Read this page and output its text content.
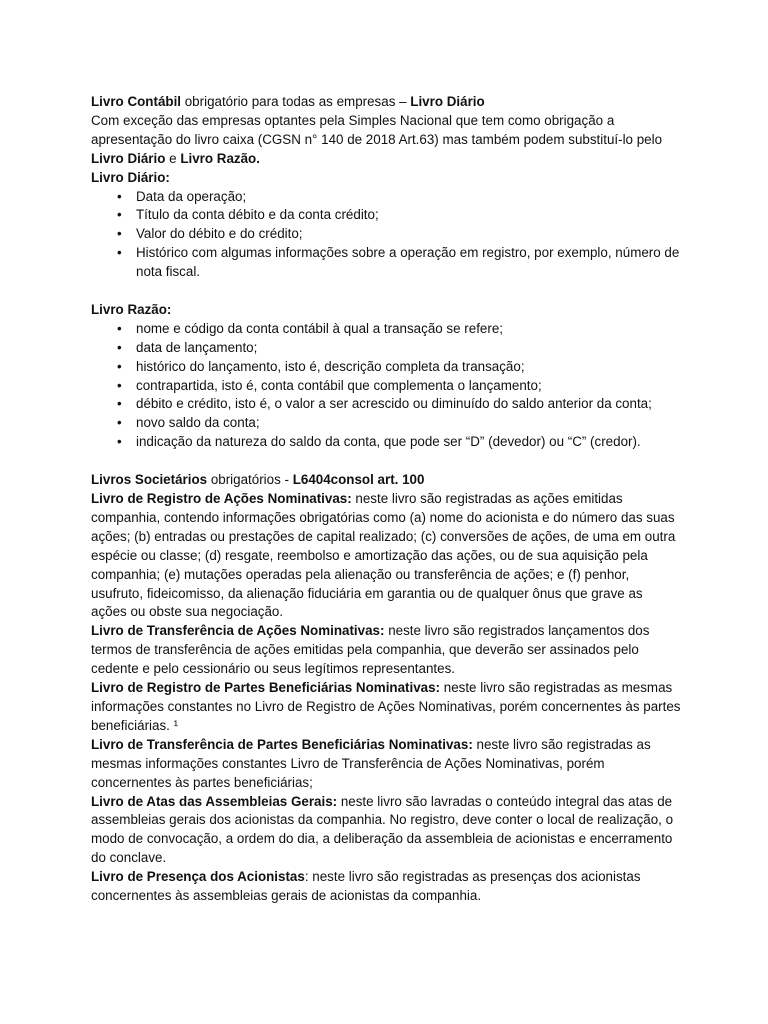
Livro Contábil obrigatório para todas as empresas – Livro Diário

Com exceção das empresas optantes pela Simples Nacional que tem como obrigação a apresentação do livro caixa (CGSN n° 140 de 2018 Art.63) mas também podem substituí-lo pelo Livro Diário e Livro Razão.

Livro Diário:

• Data da operação;
• Título da conta débito e da conta crédito;
• Valor do débito e do crédito;
• Histórico com algumas informações sobre a operação em registro, por exemplo, número de nota fiscal.

Livro Razão:

• nome e código da conta contábil à qual a transação se refere;
• data de lançamento;
• histórico do lançamento, isto é, descrição completa da transação;
• contrapartida, isto é, conta contábil que complementa o lançamento;
• débito e crédito, isto é, o valor a ser acrescido ou diminuído do saldo anterior da conta;
• novo saldo da conta;
• indicação da natureza do saldo da conta, que pode ser “D” (devedor) ou “C” (credor).

Livros Societários obrigatórios - L6404consol art. 100

Livro de Registro de Ações Nominativas: neste livro são registradas as ações emitidas companhia, contendo informações obrigatórias como (a) nome do acionista e do número das suas ações; (b) entradas ou prestações de capital realizado; (c) conversões de ações, de uma em outra espécie ou classe; (d) resgate, reembolso e amortização das ações, ou de sua aquisição pela companhia; (e) mutações operadas pela alienação ou transferência de ações; e (f) penhor, usufruto, fideicomisso, da alienação fiduciária em garantia ou de qualquer ônus que grave as ações ou obste sua negociação.

Livro de Transferência de Ações Nominativas: neste livro são registrados lançamentos dos termos de transferência de ações emitidas pela companhia, que deverão ser assinados pelo cedente e pelo cessionário ou seus legítimos representantes.

Livro de Registro de Partes Beneficiárias Nominativas: neste livro são registradas as mesmas informações constantes no Livro de Registro de Ações Nominativas, porém concernentes às partes beneficiárias. ¹

Livro de Transferência de Partes Beneficiárias Nominativas: neste livro são registradas as mesmas informações constantes Livro de Transferência de Ações Nominativas, porém concernentes às partes beneficiárias;

Livro de Atas das Assembleias Gerais: neste livro são lavradas o conteúdo integral das atas de assembleias gerais dos acionistas da companhia. No registro, deve conter o local de realização, o modo de convocação, a ordem do dia, a deliberação da assembleia de acionistas e encerramento do conclave.

Livro de Presença dos Acionistas: neste livro são registradas as presenças dos acionistas concernentes às assembleias gerais de acionistas da companhia.
